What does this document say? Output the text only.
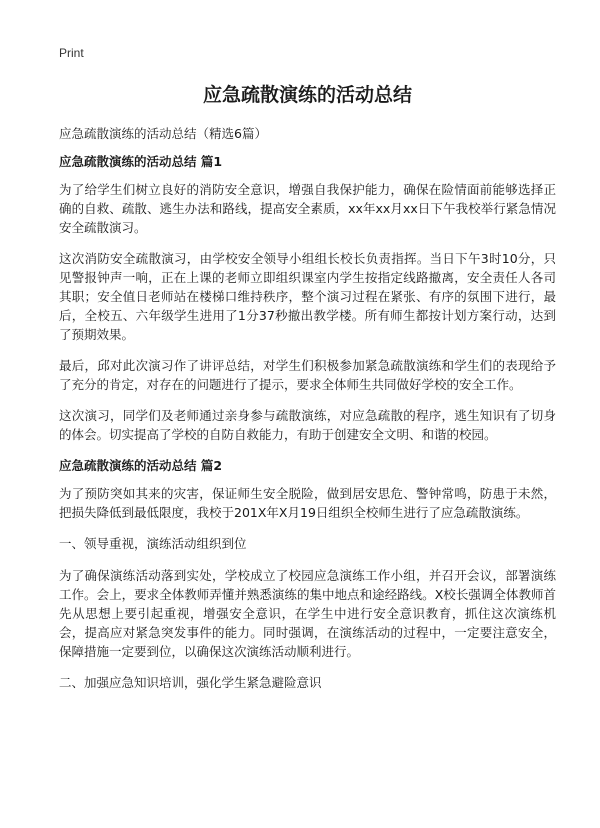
Print
应急疏散演练的活动总结

应急疏散演练的活动总结（精选6篇）

应急疏散演练的活动总结 篇1

为了给学生们树立良好的消防安全意识，增强自我保护能力，确保在险情面前能够选择正确的自救、疏散、逃生办法和路线，提高安全素质，xx年xx月xx日下午我校举行紧急情况安全疏散演习。

这次消防安全疏散演习，由学校安全领导小组组长校长负责指挥。当日下午3时10分，只见警报钟声一响，正在上课的老师立即组织课室内学生按指定线路撤离，安全责任人各司其职；安全值日老师站在楼梯口维持秩序，整个演习过程在紧张、有序的氛围下进行，最后，全校五、六年级学生进用了1分37秒撤出教学楼。所有师生都按计划方案行动，达到了预期效果。

最后，邱对此次演习作了讲评总结，对学生们积极参加紧急疏散演练和学生们的表现给予了充分的肯定，对存在的问题进行了提示，要求全体师生共同做好学校的安全工作。

这次演习，同学们及老师通过亲身参与疏散演练，对应急疏散的程序，逃生知识有了切身的体会。切实提高了学校的自防自救能力，有助于创建安全文明、和谐的校园。

应急疏散演练的活动总结 篇2

为了预防突如其来的灾害，保证师生安全脱险，做到居安思危、警钟常鸣，防患于未然，把损失降低到最低限度，我校于201X年X月19日组织全校师生进行了应急疏散演练。

一、领导重视，演练活动组织到位

为了确保演练活动落到实处，学校成立了校园应急演练工作小组，并召开会议，部署演练工作。会上，要求全体教师弄懂并熟悉演练的集中地点和途经路线。X校长强调全体教师首先从思想上要引起重视，增强安全意识，在学生中进行安全意识教育，抓住这次演练机会，提高应对紧急突发事件的能力。同时强调，在演练活动的过程中，一定要注意安全，保障措施一定要到位，以确保这次演练活动顺利进行。

二、加强应急知识培训，强化学生紧急避险意识
